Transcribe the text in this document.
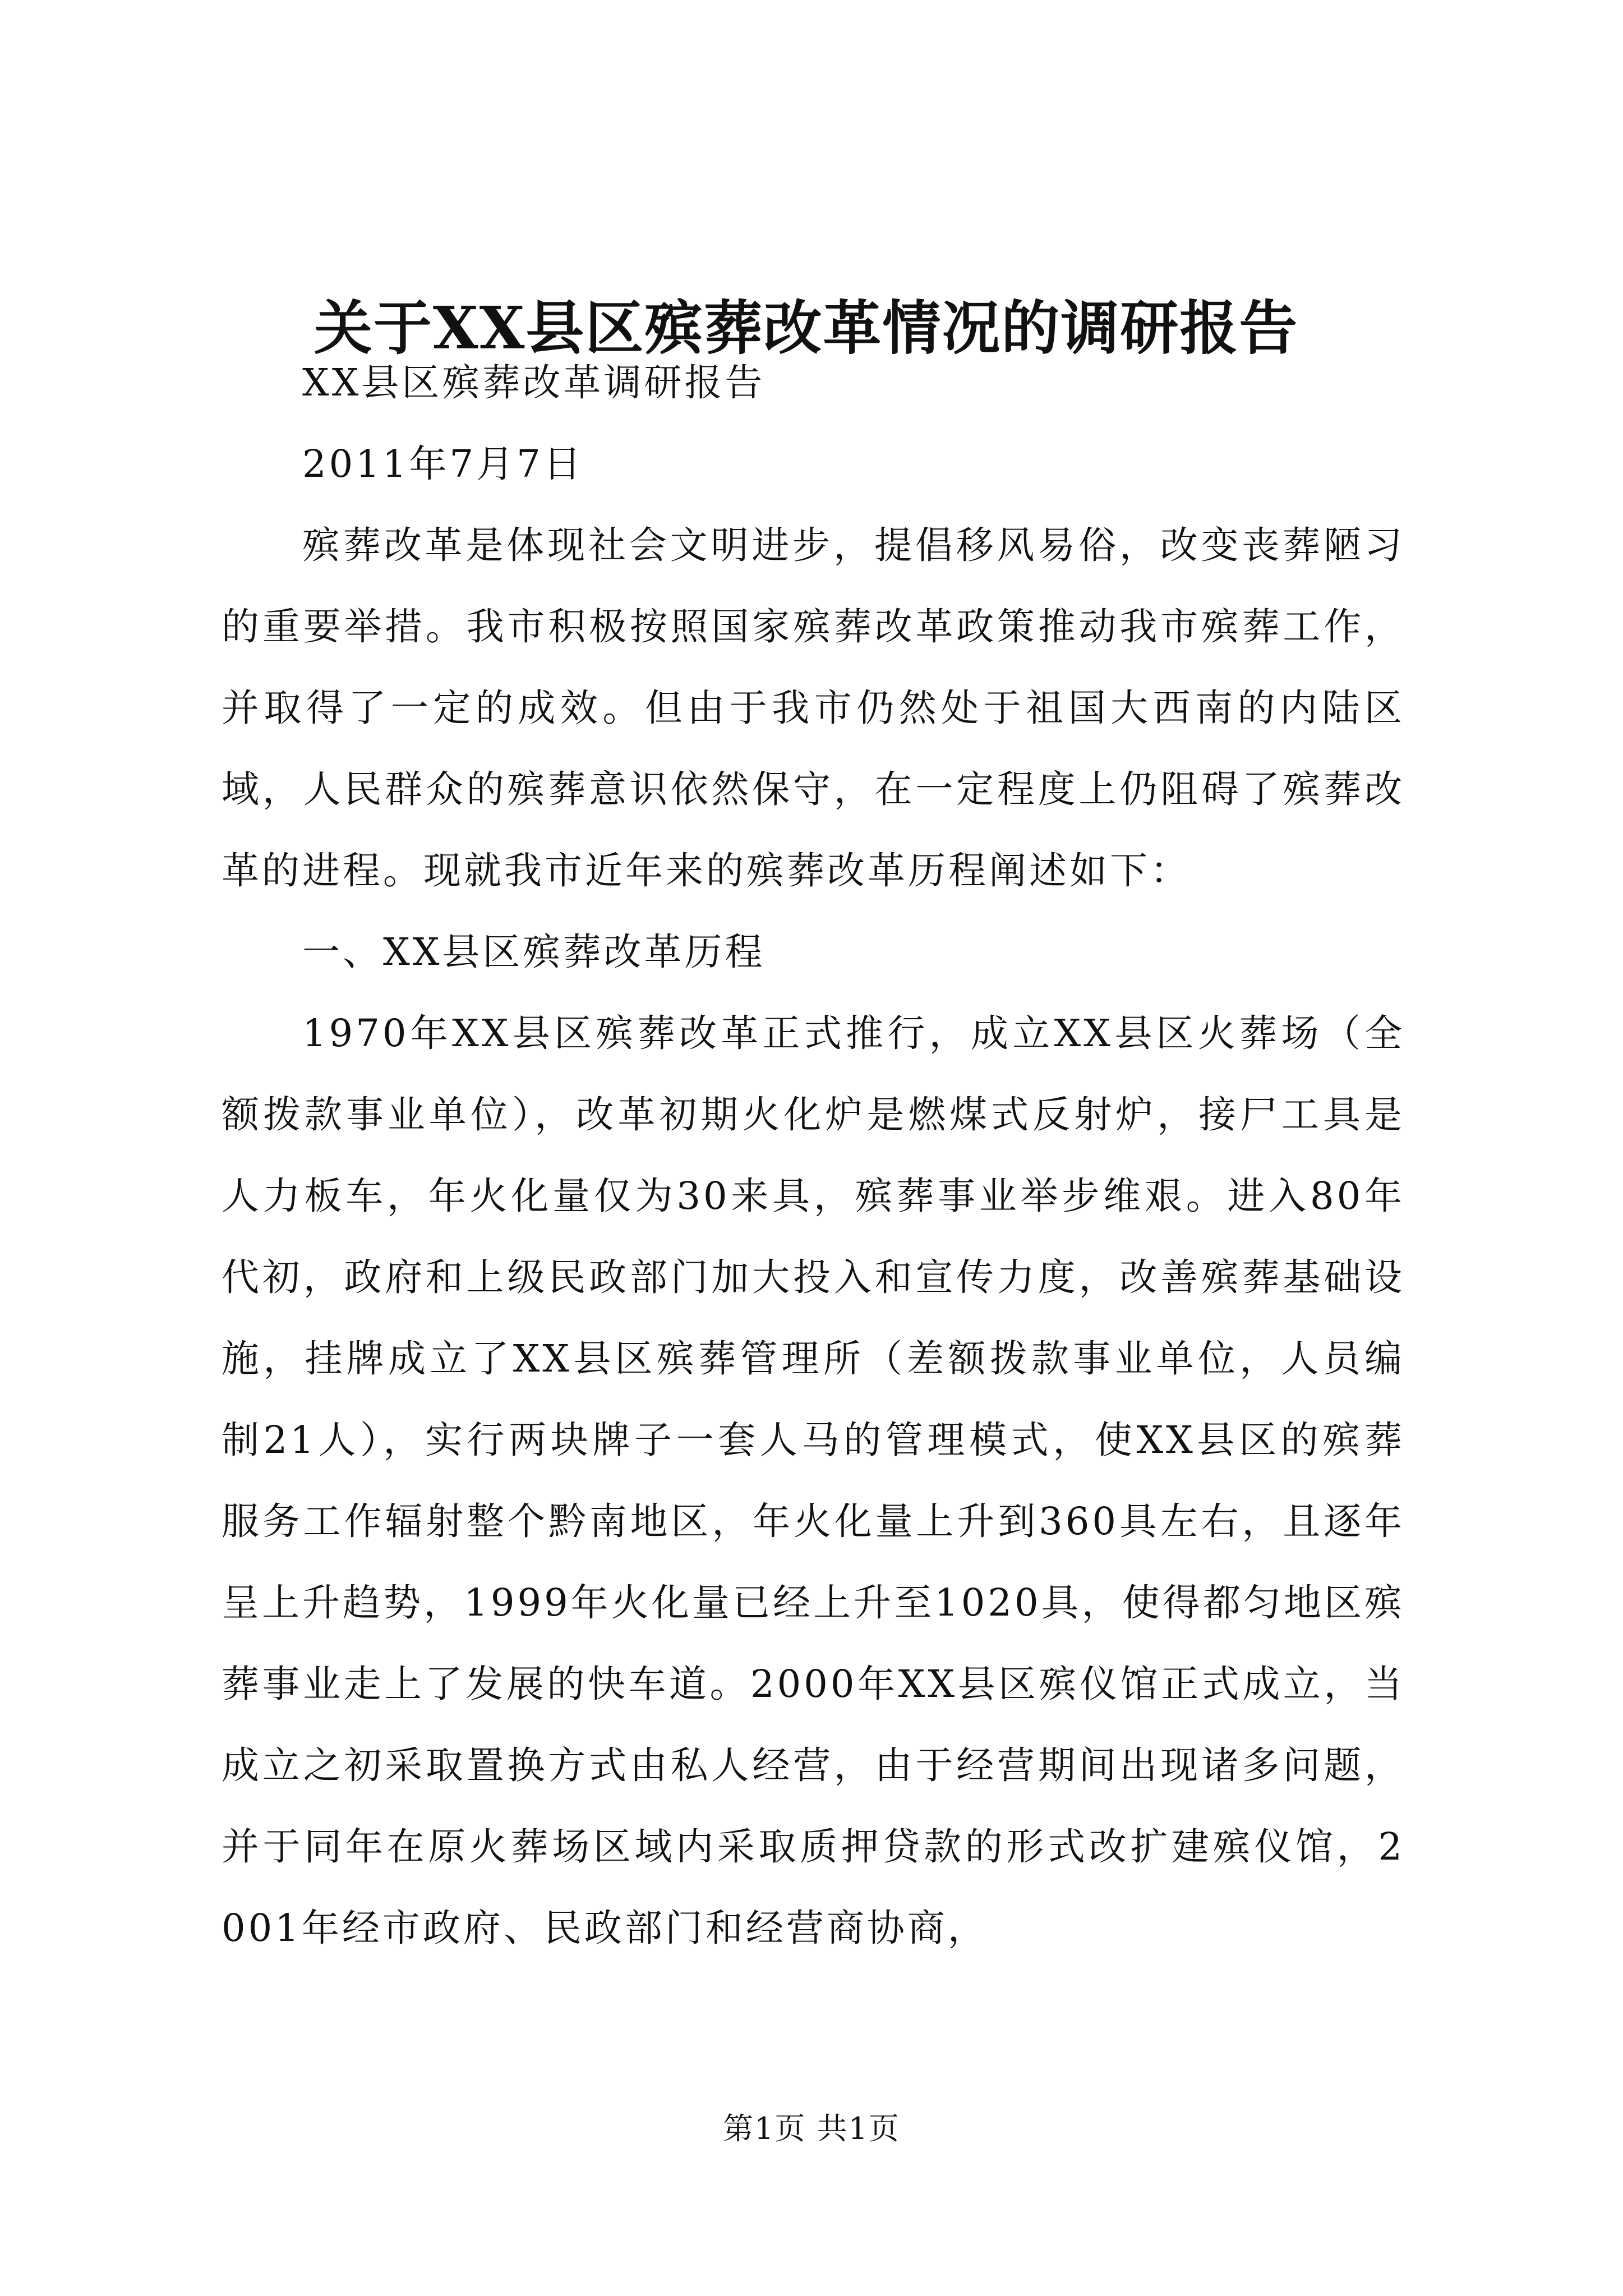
关于XX县区殡葬改革情况的调研报告

XX县区殡葬改革调研报告

2011年7月7日

殡葬改革是体现社会文明进步，提倡移风易俗，改变丧葬陋习的重要举措。我市积极按照国家殡葬改革政策推动我市殡葬工作，并取得了一定的成效。但由于我市仍然处于祖国大西南的内陆区域，人民群众的殡葬意识依然保守，在一定程度上仍阻碍了殡葬改革的进程。现就我市近年来的殡葬改革历程阐述如下：

一、XX县区殡葬改革历程

1970年XX县区殡葬改革正式推行，成立XX县区火葬场（全额拨款事业单位），改革初期火化炉是燃煤式反射炉，接尸工具是人力板车，年火化量仅为30来具，殡葬事业举步维艰。进入80年代初，政府和上级民政部门加大投入和宣传力度，改善殡葬基础设施，挂牌成立了XX县区殡葬管理所（差额拨款事业单位，人员编制21人），实行两块牌子一套人马的管理模式，使XX县区的殡葬服务工作辐射整个黔南地区，年火化量上升到360具左右，且逐年呈上升趋势，1999年火化量已经上升至1020具，使得都匀地区殡葬事业走上了发展的快车道。2000年XX县区殡仪馆正式成立，当成立之初采取置换方式由私人经营，由于经营期间出现诸多问题，并于同年在原火葬场区域内采取质押贷款的形式改扩建殡仪馆，2001年经市政府、民政部门和经营商协商，

第1页 共1页
